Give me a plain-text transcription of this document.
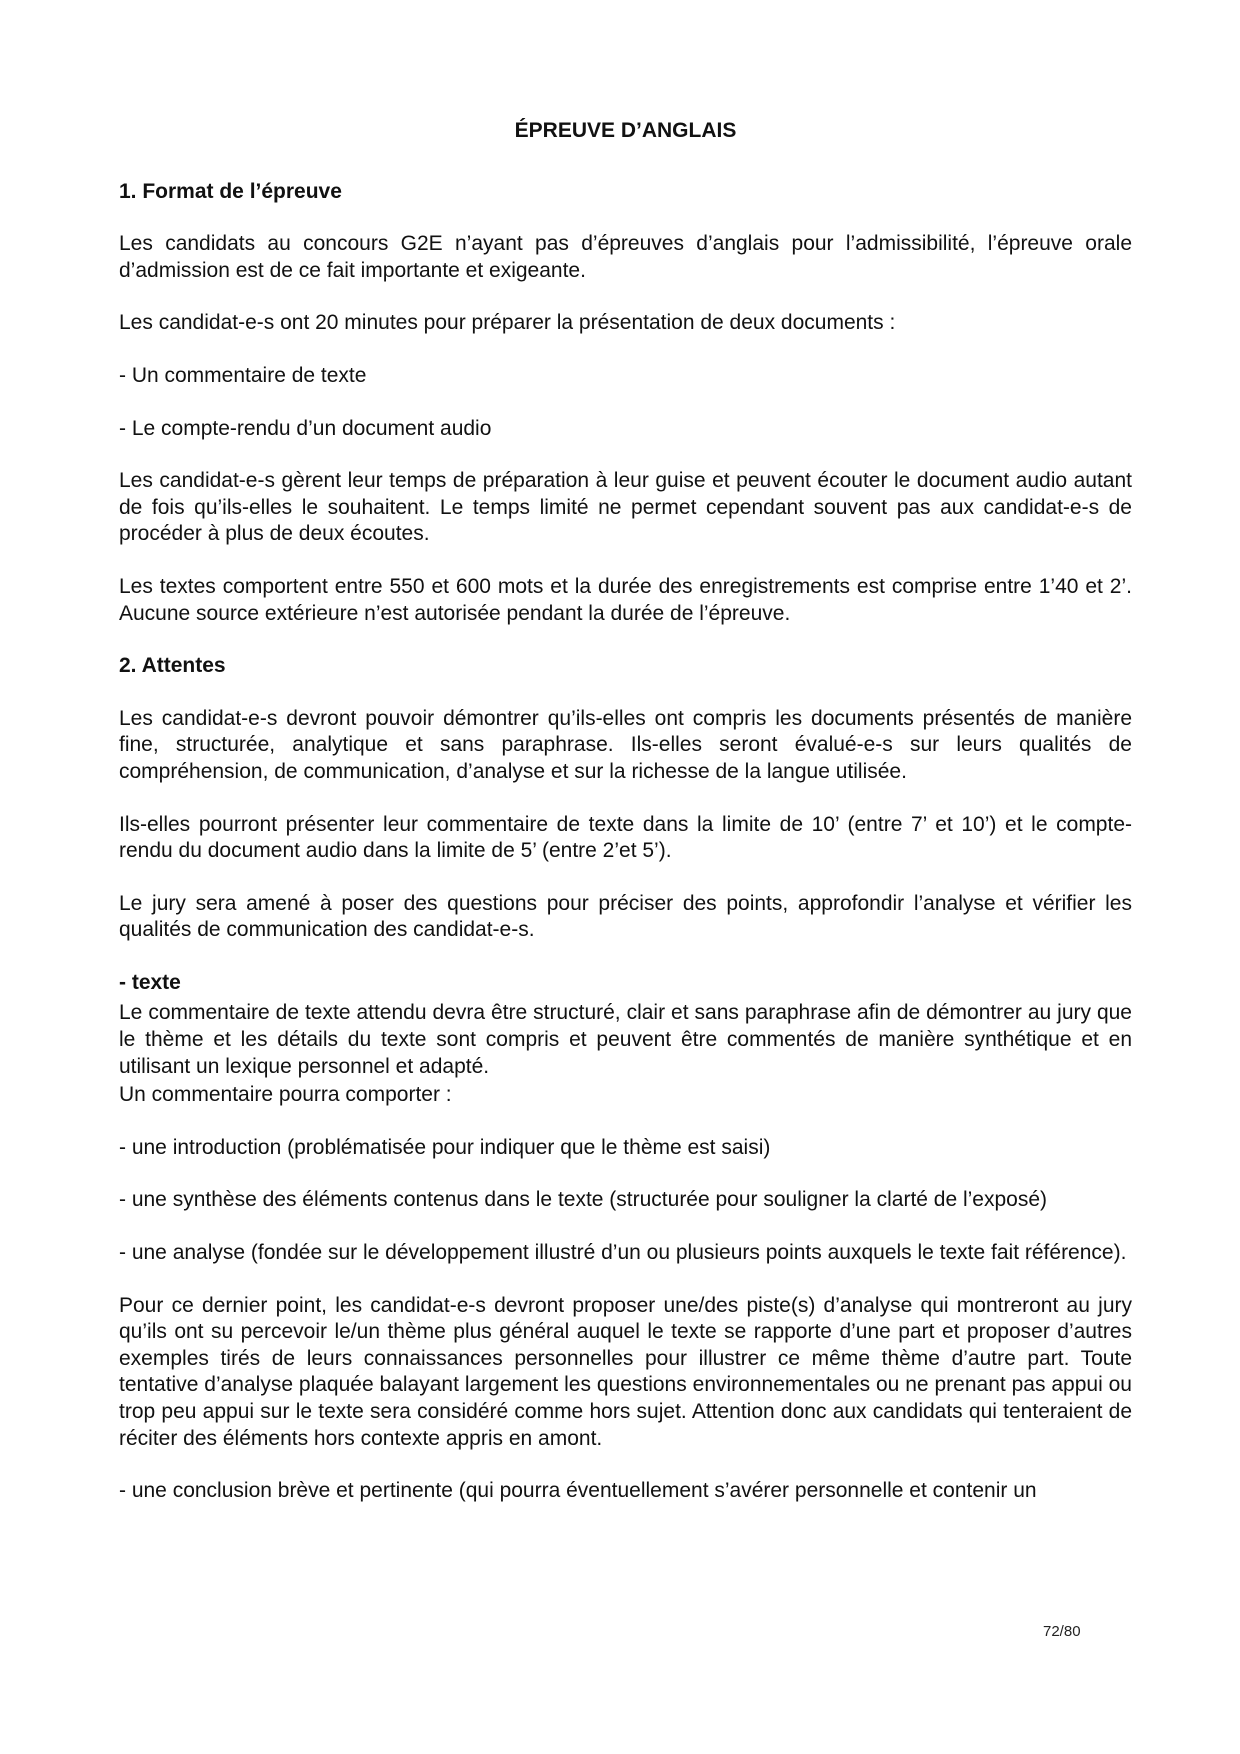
ÉPREUVE D’ANGLAIS
1. Format de l’épreuve

Les candidats au concours G2E n’ayant pas d’épreuves d’anglais pour l’admissibilité, l’épreuve orale d’admission est de ce fait importante et exigeante.

Les candidat-e-s ont 20 minutes pour préparer la présentation de deux documents :

- Un commentaire de texte

- Le compte-rendu d’un document audio

Les candidat-e-s gèrent leur temps de préparation à leur guise et peuvent écouter le document audio autant de fois qu’ils-elles le souhaitent. Le temps limité ne permet cependant souvent pas aux candidat-e-s de procéder à plus de deux écoutes.

Les textes comportent entre 550 et 600 mots et la durée des enregistrements est comprise entre 1’40 et 2’. Aucune source extérieure n’est autorisée pendant la durée de l’épreuve.

2. Attentes

Les candidat-e-s devront pouvoir démontrer qu’ils-elles ont compris les documents présentés de manière fine, structurée, analytique et sans paraphrase. Ils-elles seront évalué-e-s sur leurs qualités de compréhension, de communication, d’analyse et sur la richesse de la langue utilisée.

Ils-elles pourront présenter leur commentaire de texte dans la limite de 10’ (entre 7’ et 10’) et le compte-rendu du document audio dans la limite de 5’ (entre 2’et 5’).

Le jury sera amené à poser des questions pour préciser des points, approfondir l’analyse et vérifier les qualités de communication des candidat-e-s.

- texte

Le commentaire de texte attendu devra être structuré, clair et sans paraphrase afin de démontrer au jury que le thème et les détails du texte sont compris et peuvent être commentés de manière synthétique et en utilisant un lexique personnel et adapté.

Un commentaire pourra comporter :

- une introduction (problématisée pour indiquer que le thème est saisi)

- une synthèse des éléments contenus dans le texte (structurée pour souligner la clarté de l’exposé)

- une analyse (fondée sur le développement illustré d’un ou plusieurs points auxquels le texte fait référence).

Pour ce dernier point, les candidat-e-s devront proposer une/des piste(s) d’analyse qui montreront au jury qu’ils ont su percevoir le/un thème plus général auquel le texte se rapporte d’une part et proposer d’autres exemples tirés de leurs connaissances personnelles pour illustrer ce même thème d’autre part. Toute tentative d’analyse plaquée balayant largement les questions environnementales ou ne prenant pas appui ou trop peu appui sur le texte sera considéré comme hors sujet. Attention donc aux candidats qui tenteraient de réciter des éléments hors contexte appris en amont.

- une conclusion brève et pertinente (qui pourra éventuellement s’avérer personnelle et contenir un

72/80
